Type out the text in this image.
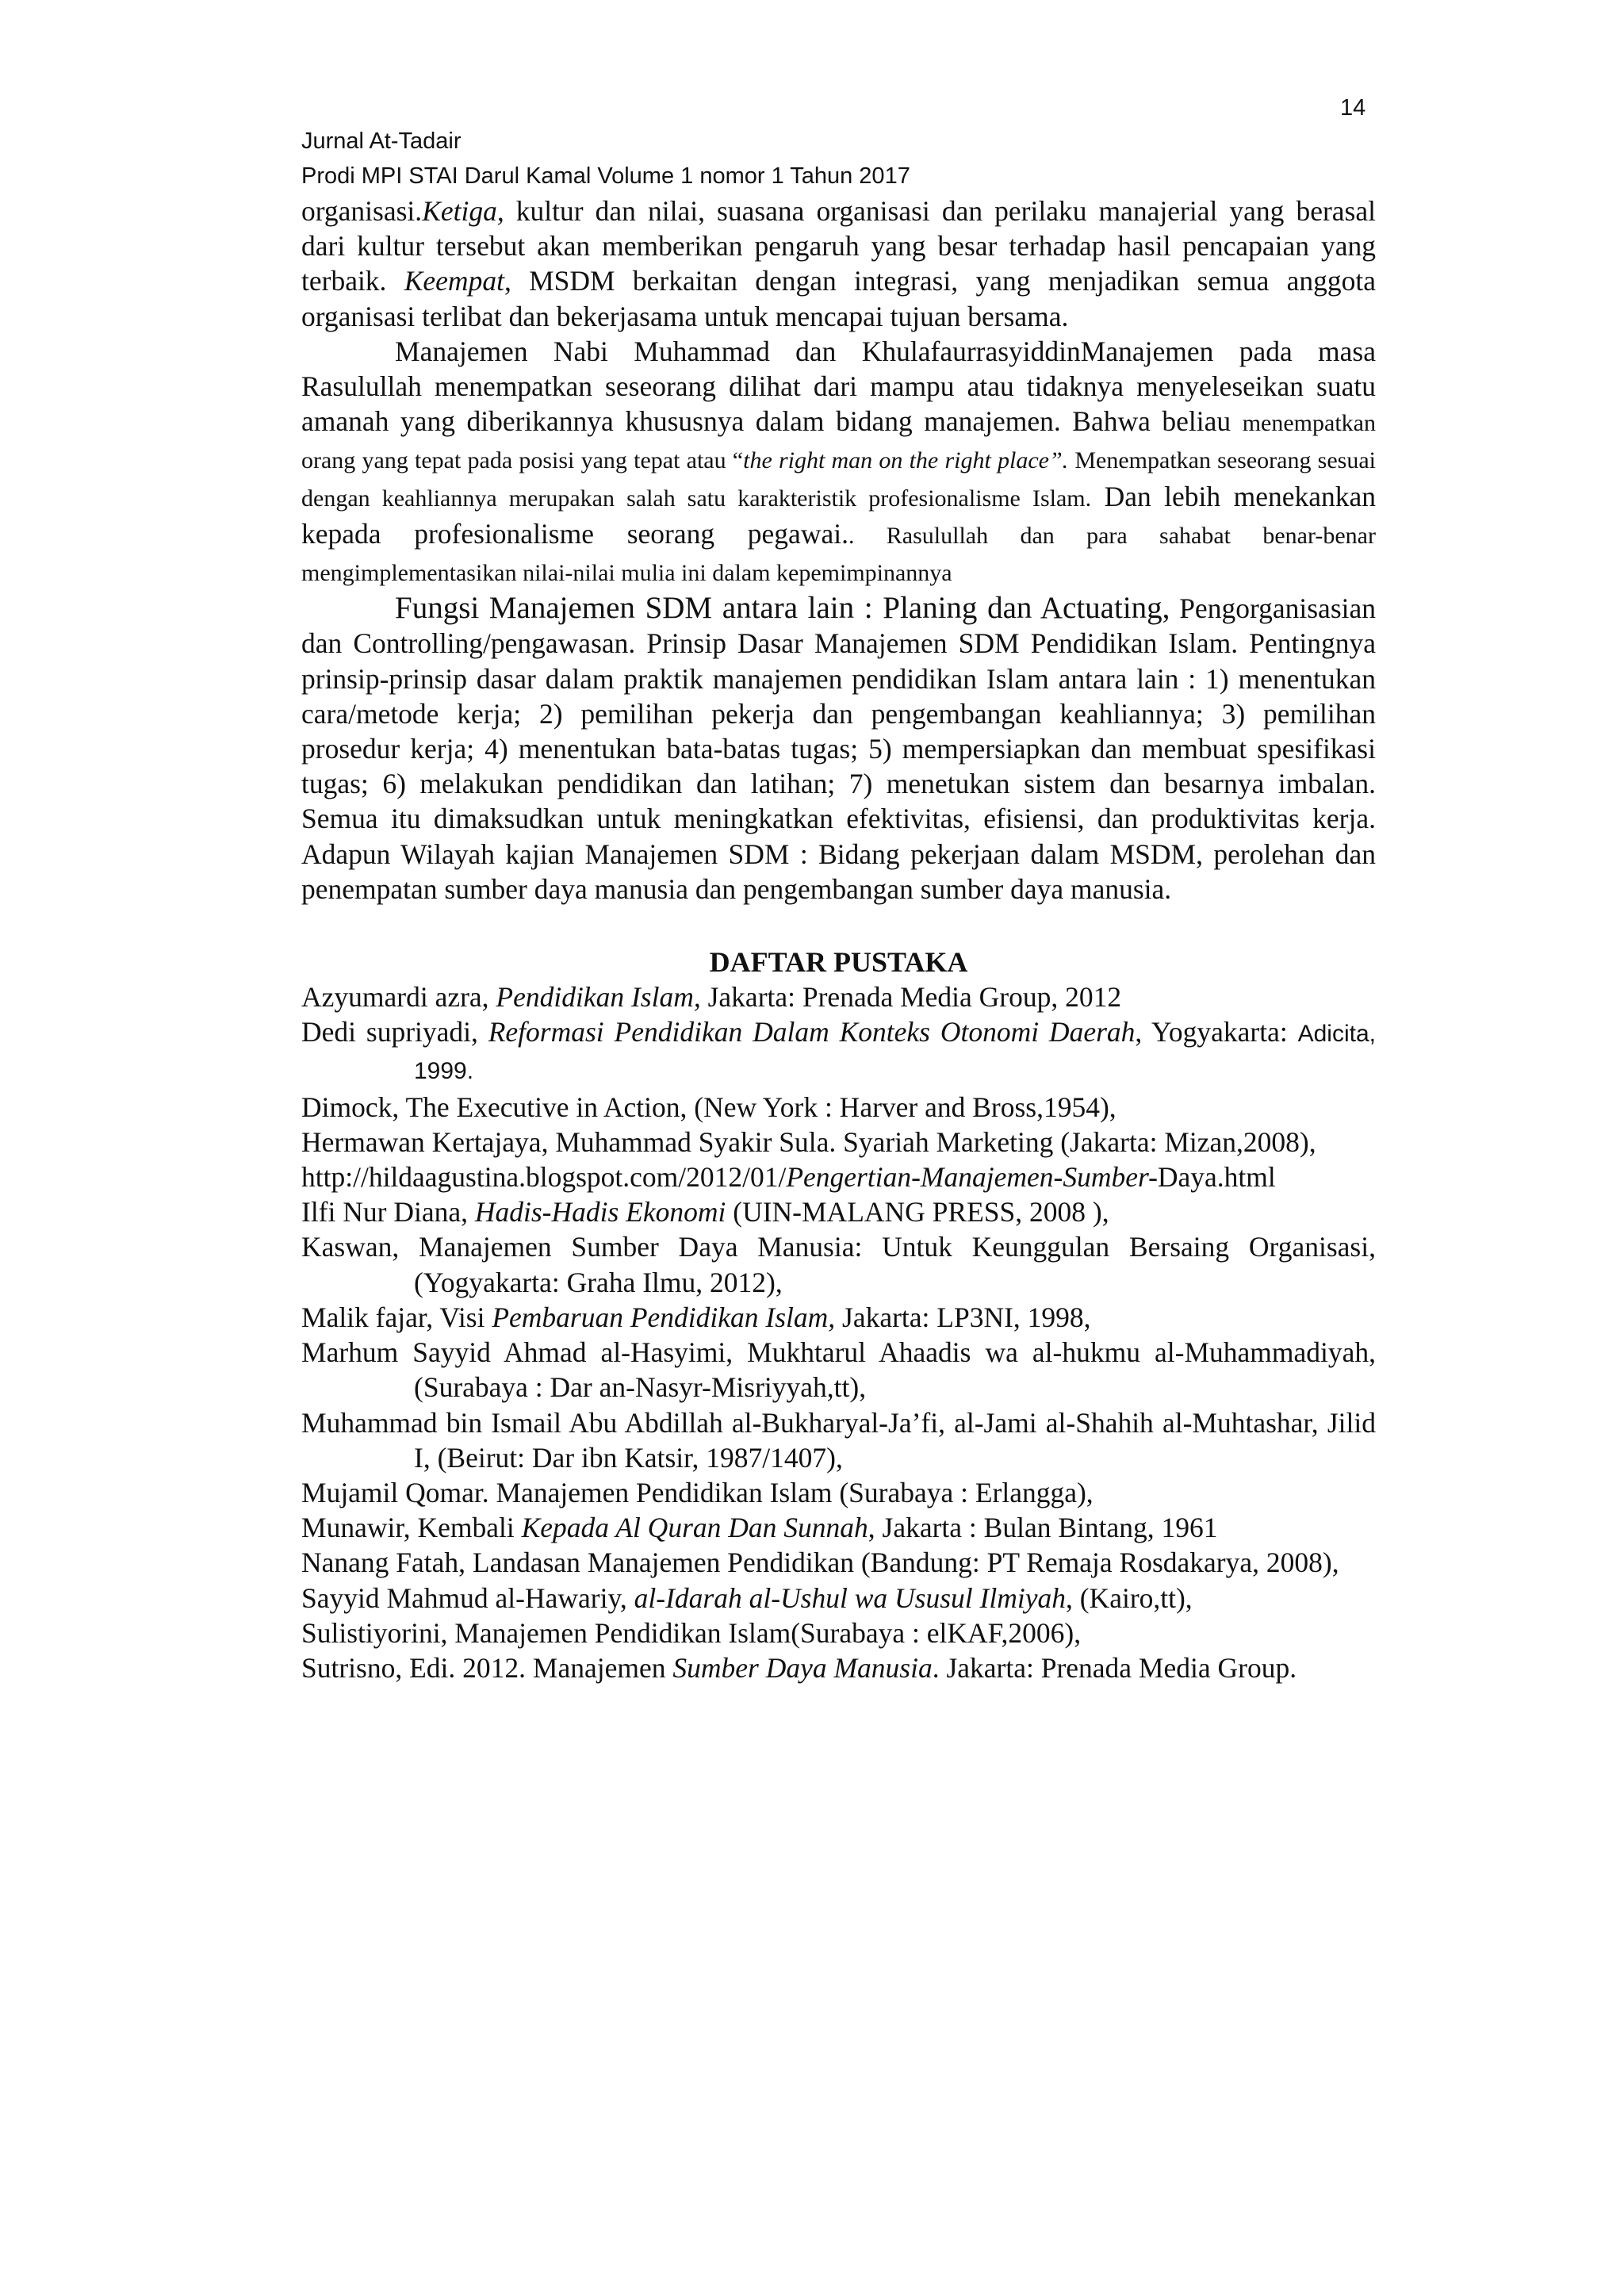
14
Jurnal At-Tadair
Prodi MPI STAI Darul Kamal Volume 1 nomor 1 Tahun 2017

organisasi.Ketiga, kultur dan nilai, suasana organisasi dan perilaku manajerial yang berasal dari kultur tersebut akan memberikan pengaruh yang besar terhadap hasil pencapaian yang terbaik. Keempat, MSDM berkaitan dengan integrasi, yang menjadikan semua anggota organisasi terlibat dan bekerjasama untuk mencapai tujuan bersama.

Manajemen Nabi Muhammad dan KhulafaurrasyiddinManajemen pada masa Rasulullah menempatkan seseorang dilihat dari mampu atau tidaknya menyeleseikan suatu amanah yang diberikannya khususnya dalam bidang manajemen. Bahwa beliau menempatkan orang yang tepat pada posisi yang tepat atau “the right man on the right place”. Menempatkan seseorang sesuai dengan keahliannya merupakan salah satu karakteristik profesionalisme Islam. Dan lebih menekankan kepada profesionalisme seorang pegawai.. Rasulullah dan para sahabat benar-benar mengimplementasikan nilai-nilai mulia ini dalam kepemimpinannya

Fungsi Manajemen SDM antara lain : Planing dan Actuating, Pengorganisasian dan Controlling/pengawasan. Prinsip Dasar Manajemen SDM Pendidikan Islam. Pentingnya prinsip-prinsip dasar dalam praktik manajemen pendidikan Islam antara lain : 1) menentukan cara/metode kerja; 2) pemilihan pekerja dan pengembangan keahliannya; 3) pemilihan prosedur kerja; 4) menentukan bata-batas tugas; 5) mempersiapkan dan membuat spesifikasi tugas; 6) melakukan pendidikan dan latihan; 7) menetukan sistem dan besarnya imbalan. Semua itu dimaksudkan untuk meningkatkan efektivitas, efisiensi, dan produktivitas kerja. Adapun Wilayah kajian Manajemen SDM : Bidang pekerjaan dalam MSDM, perolehan dan penempatan sumber daya manusia dan pengembangan sumber daya manusia.

DAFTAR PUSTAKA
Azyumardi azra, Pendidikan Islam, Jakarta: Prenada Media Group, 2012
Dedi supriyadi, Reformasi Pendidikan Dalam Konteks Otonomi Daerah, Yogyakarta: Adicita, 1999.
Dimock, The Executive in Action, (New York : Harver and Bross,1954),
Hermawan Kertajaya, Muhammad Syakir Sula. Syariah Marketing (Jakarta: Mizan,2008),
http://hildaagustina.blogspot.com/2012/01/Pengertian-Manajemen-Sumber-Daya.html
Ilfi Nur Diana, Hadis-Hadis Ekonomi (UIN-MALANG PRESS, 2008 ),
Kaswan, Manajemen Sumber Daya Manusia: Untuk Keunggulan Bersaing Organisasi, (Yogyakarta: Graha Ilmu, 2012),
Malik fajar, Visi Pembaruan Pendidikan Islam, Jakarta: LP3NI, 1998,
Marhum Sayyid Ahmad al-Hasyimi, Mukhtarul Ahaadis wa al-hukmu al-Muhammadiyah, (Surabaya : Dar an-Nasyr-Misriyyah,tt),
Muhammad bin Ismail Abu Abdillah al-Bukharyal-Ja’fi, al-Jami al-Shahih al-Muhtashar, Jilid I, (Beirut: Dar ibn Katsir, 1987/1407),
Mujamil Qomar. Manajemen Pendidikan Islam (Surabaya : Erlangga),
Munawir, Kembali Kepada Al Quran Dan Sunnah, Jakarta : Bulan Bintang, 1961
Nanang Fatah, Landasan Manajemen Pendidikan (Bandung: PT Remaja Rosdakarya, 2008),
Sayyid Mahmud al-Hawariy, al-Idarah al-Ushul wa Ususul Ilmiyah, (Kairo,tt),
Sulistiyorini, Manajemen Pendidikan Islam(Surabaya : elKAF,2006),
Sutrisno, Edi. 2012. Manajemen Sumber Daya Manusia. Jakarta: Prenada Media Group.
